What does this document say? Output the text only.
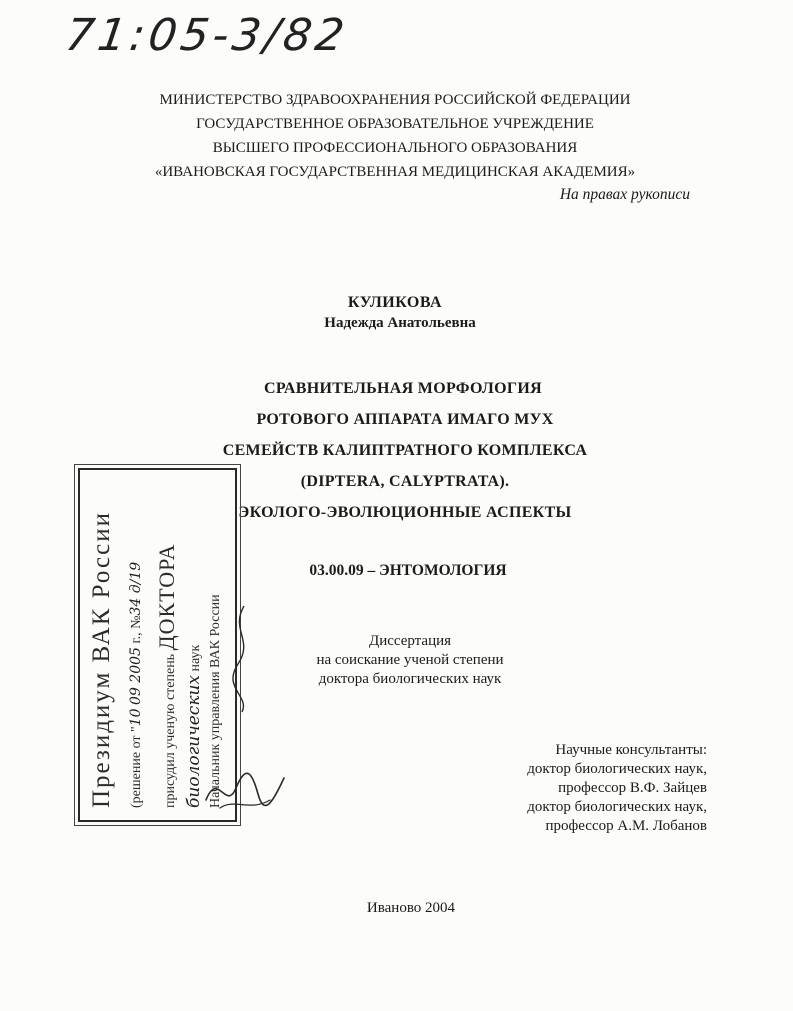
71:05-3/82
МИНИСТЕРСТВО ЗДРАВООХРАНЕНИЯ РОССИЙСКОЙ ФЕДЕРАЦИИ
ГОСУДАРСТВЕННОЕ ОБРАЗОВАТЕЛЬНОЕ УЧРЕЖДЕНИЕ
ВЫСШЕГО ПРОФЕССИОНАЛЬНОГО ОБРАЗОВАНИЯ
«ИВАНОВСКАЯ ГОСУДАРСТВЕННАЯ МЕДИЦИНСКАЯ АКАДЕМИЯ»
На правах рукописи
КУЛИКОВА
Надежда Анатольевна
СРАВНИТЕЛЬНАЯ МОРФОЛОГИЯ
РОТОВОГО АППАРАТА ИМАГО МУХ
СЕМЕЙСТВ КАЛИПТРАТНОГО КОМПЛЕКСА
(DIPTERA, CALYPTRATA).
ЭКОЛОГО-ЭВОЛЮЦИОННЫЕ АСПЕКТЫ
03.00.09 – ЭНТОМОЛОГИЯ
Диссертация
на соискание ученой степени
доктора биологических наук
Научные консультанты:
доктор биологических наук,
профессор В.Ф. Зайцев
доктор биологических наук,
профессор А.М. Лобанов
Иваново 2004
Президиум ВАК России (решение от "10 09 2005 г., №34 д/19
присудил ученую степень ДОКТОРА
биологических наук Начальник управления ВАК России
